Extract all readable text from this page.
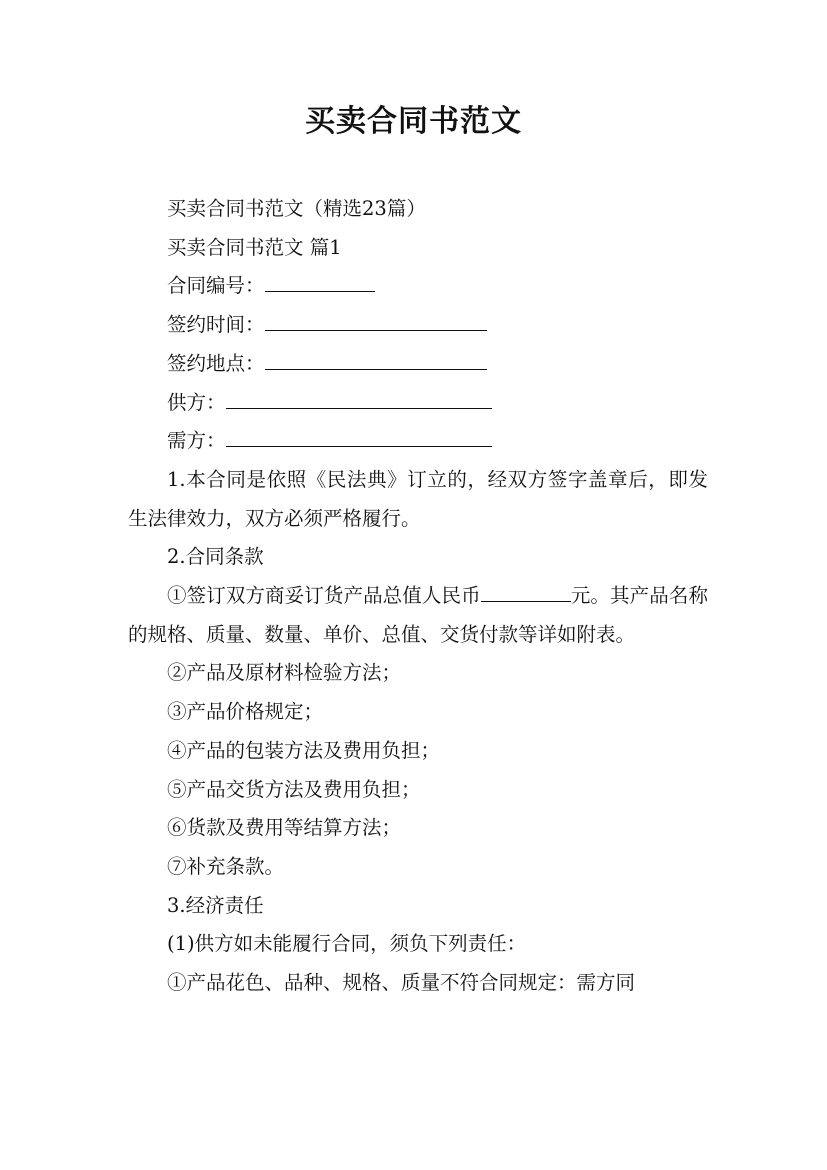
买卖合同书范文

买卖合同书范文（精选23篇）

买卖合同书范文 篇1

合同编号：

签约时间：

签约地点：

供方：

需方：

1.本合同是依照《民法典》订立的，经双方签字盖章后，即发生法律效力，双方必须严格履行。

2.合同条款

①签订双方商妥订货产品总值人民币	元。其产品名称的规格、质量、数量、单价、总值、交货付款等详如附表。

②产品及原材料检验方法；

③产品价格规定；

④产品的包装方法及费用负担；

⑤产品交货方法及费用负担；

⑥货款及费用等结算方法；

⑦补充条款。

3.经济责任

(1)供方如未能履行合同，须负下列责任：

①产品花色、品种、规格、质量不符合同规定：需方同
